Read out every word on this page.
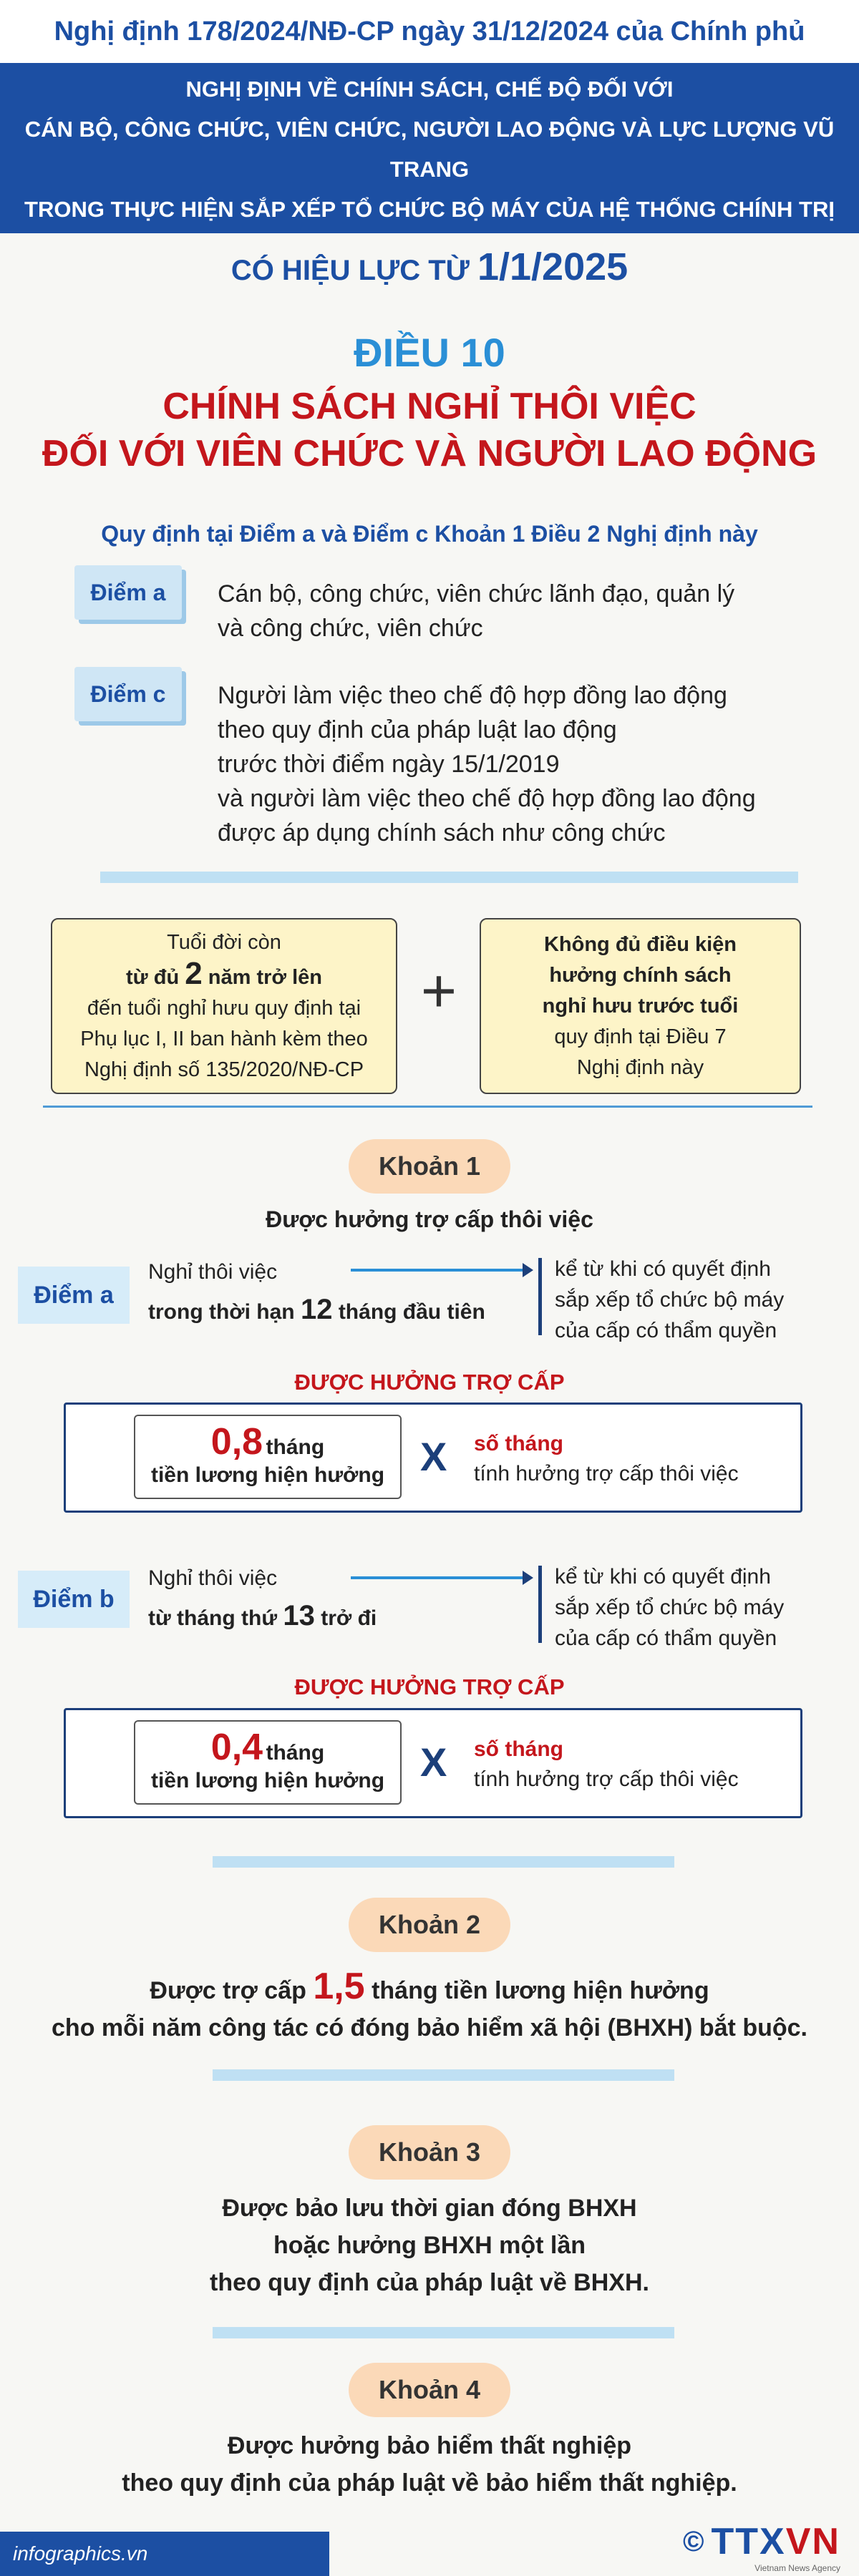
Nghị định 178/2024/NĐ-CP ngày 31/12/2024 của Chính phủ
NGHỊ ĐỊNH VỀ CHÍNH SÁCH, CHẾ ĐỘ ĐỐI VỚI
CÁN BỘ, CÔNG CHỨC, VIÊN CHỨC, NGƯỜI LAO ĐỘNG VÀ LỰC LƯỢNG VŨ TRANG
TRONG THỰC HIỆN SẮP XẾP TỔ CHỨC BỘ MÁY CỦA HỆ THỐNG CHÍNH TRỊ
CÓ HIỆU LỰC TỪ 1/1/2025
ĐIỀU 10
CHÍNH SÁCH NGHỈ THÔI VIỆC
ĐỐI VỚI VIÊN CHỨC VÀ NGƯỜI LAO ĐỘNG
Quy định tại Điểm a và Điểm c Khoản 1 Điều 2 Nghị định này
Điểm a	Cán bộ, công chức, viên chức lãnh đạo, quản lý
và công chức, viên chức
Điểm c	Người làm việc theo chế độ hợp đồng lao động
theo quy định của pháp luật lao động
trước thời điểm ngày 15/1/2019
và người làm việc theo chế độ hợp đồng lao động
được áp dụng chính sách như công chức
Tuổi đời còn
từ đủ 2 năm trở lên
đến tuổi nghỉ hưu quy định tại
Phụ lục I, II ban hành kèm theo
Nghị định số 135/2020/NĐ-CP
+
Không đủ điều kiện
hưởng chính sách
nghỉ hưu trước tuổi
quy định tại Điều 7
Nghị định này
Khoản 1
Được hưởng trợ cấp thôi việc
Điểm a
Nghỉ thôi việc
trong thời hạn 12 tháng đầu tiên
kể từ khi có quyết định
sắp xếp tổ chức bộ máy
của cấp có thẩm quyền
ĐƯỢC HƯỞNG TRỢ CẤP
0,8 tháng
tiền lương hiện hưởng X số tháng
tính hưởng trợ cấp thôi việc
Điểm b
Nghỉ thôi việc
từ tháng thứ 13 trở đi
kể từ khi có quyết định
sắp xếp tổ chức bộ máy
của cấp có thẩm quyền
ĐƯỢC HƯỞNG TRỢ CẤP
0,4 tháng
tiền lương hiện hưởng X số tháng
tính hưởng trợ cấp thôi việc
Khoản 2
Được trợ cấp 1,5 tháng tiền lương hiện hưởng
cho mỗi năm công tác có đóng bảo hiểm xã hội (BHXH) bắt buộc.
Khoản 3
Được bảo lưu thời gian đóng BHXH
hoặc hưởng BHXH một lần
theo quy định của pháp luật về BHXH.
Khoản 4
Được hưởng bảo hiểm thất nghiệp
theo quy định của pháp luật về bảo hiểm thất nghiệp.
infographics.vn	© TTXVN
Vietnam News Agency
